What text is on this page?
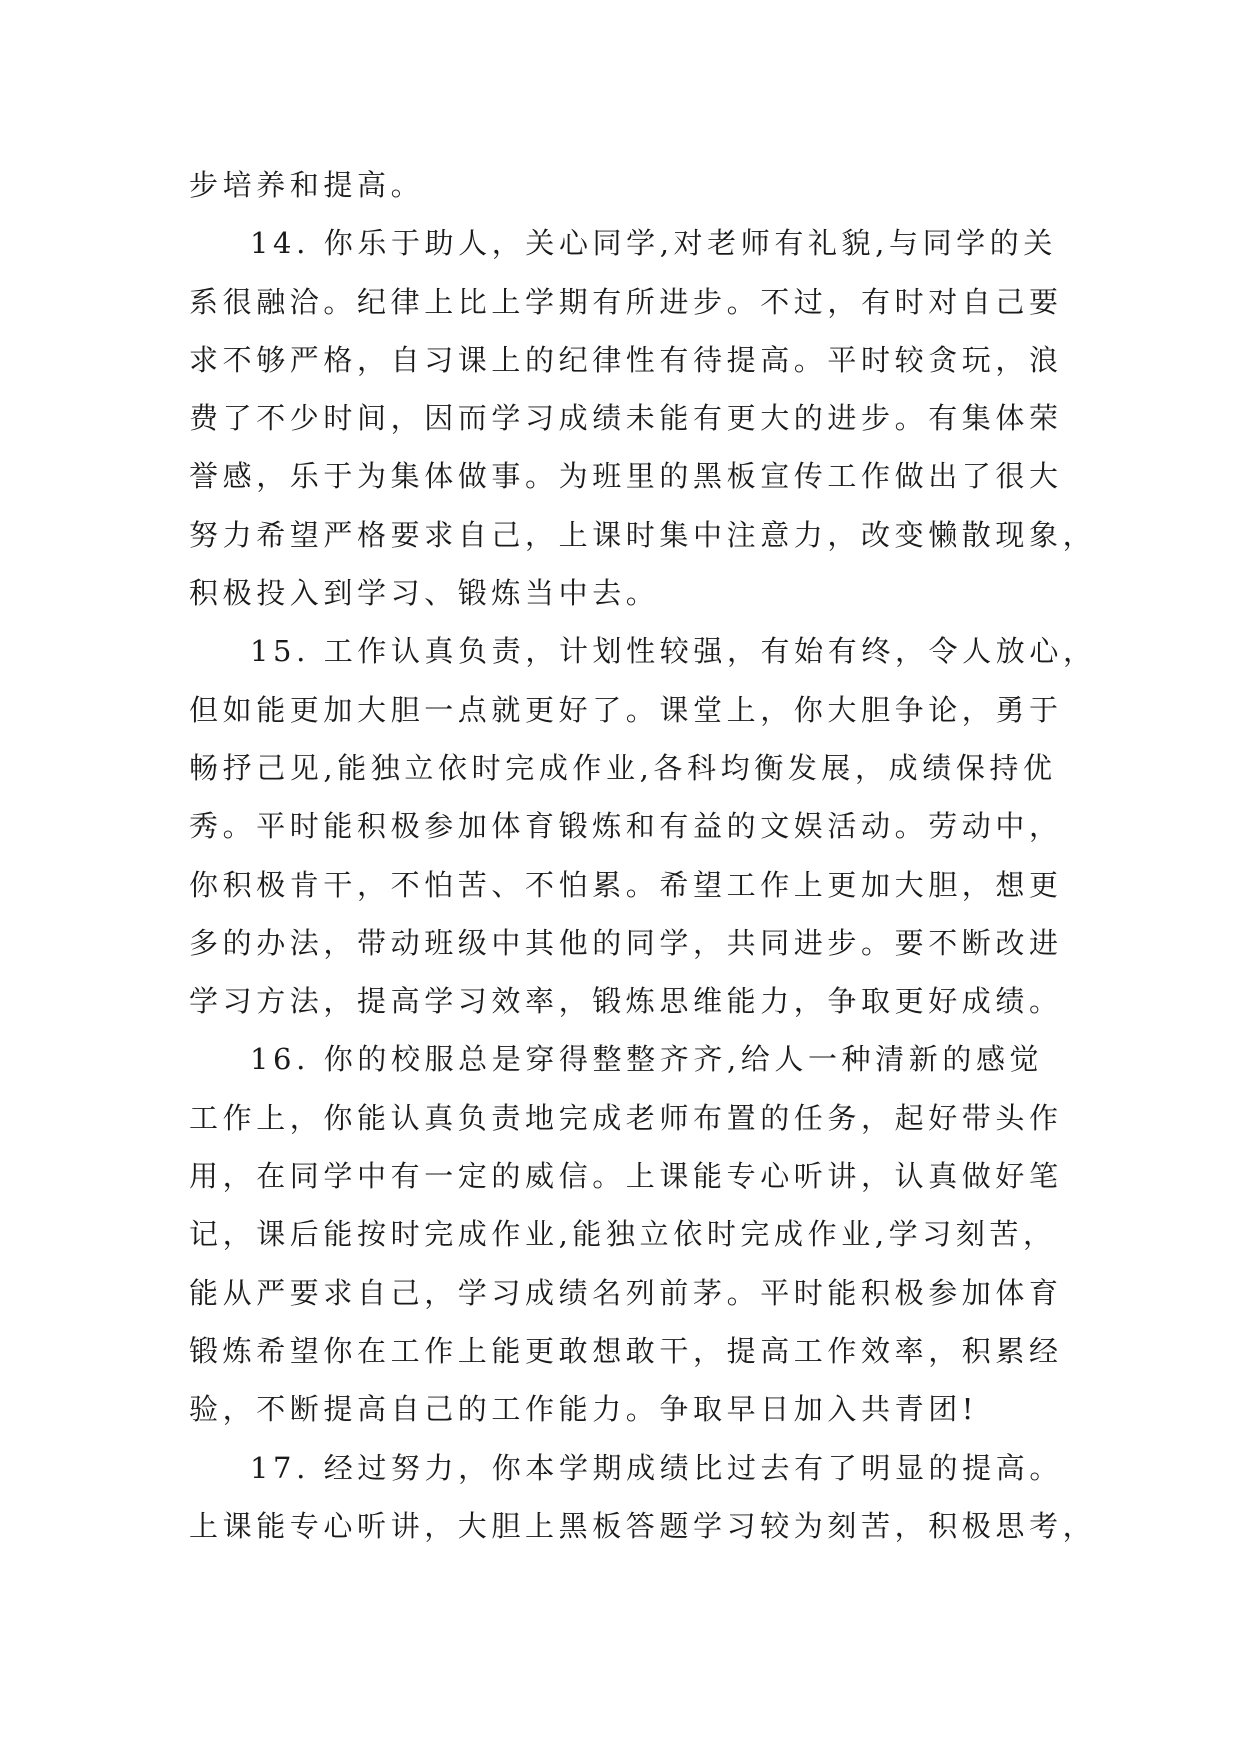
步培养和提高。
14. 你乐于助人，关心同学,对老师有礼貌,与同学的关
系很融洽。纪律上比上学期有所进步。不过，有时对自己要
求不够严格，自习课上的纪律性有待提高。平时较贪玩，浪
费了不少时间，因而学习成绩未能有更大的进步。有集体荣
誉感，乐于为集体做事。为班里的黑板宣传工作做出了很大
努力希望严格要求自己，上课时集中注意力，改变懒散现象，
积极投入到学习、锻炼当中去。
15. 工作认真负责，计划性较强，有始有终，令人放心，
但如能更加大胆一点就更好了。课堂上，你大胆争论，勇于
畅抒己见,能独立依时完成作业,各科均衡发展，成绩保持优
秀。平时能积极参加体育锻炼和有益的文娱活动。劳动中，
你积极肯干，不怕苦、不怕累。希望工作上更加大胆，想更
多的办法，带动班级中其他的同学，共同进步。要不断改进
学习方法，提高学习效率，锻炼思维能力，争取更好成绩。
16. 你的校服总是穿得整整齐齐,给人一种清新的感觉
工作上，你能认真负责地完成老师布置的任务，起好带头作
用，在同学中有一定的威信。上课能专心听讲，认真做好笔
记，课后能按时完成作业,能独立依时完成作业,学习刻苦，
能从严要求自己，学习成绩名列前茅。平时能积极参加体育
锻炼希望你在工作上能更敢想敢干，提高工作效率，积累经
验，不断提高自己的工作能力。争取早日加入共青团!
17. 经过努力，你本学期成绩比过去有了明显的提高。
上课能专心听讲，大胆上黑板答题学习较为刻苦，积极思考，
